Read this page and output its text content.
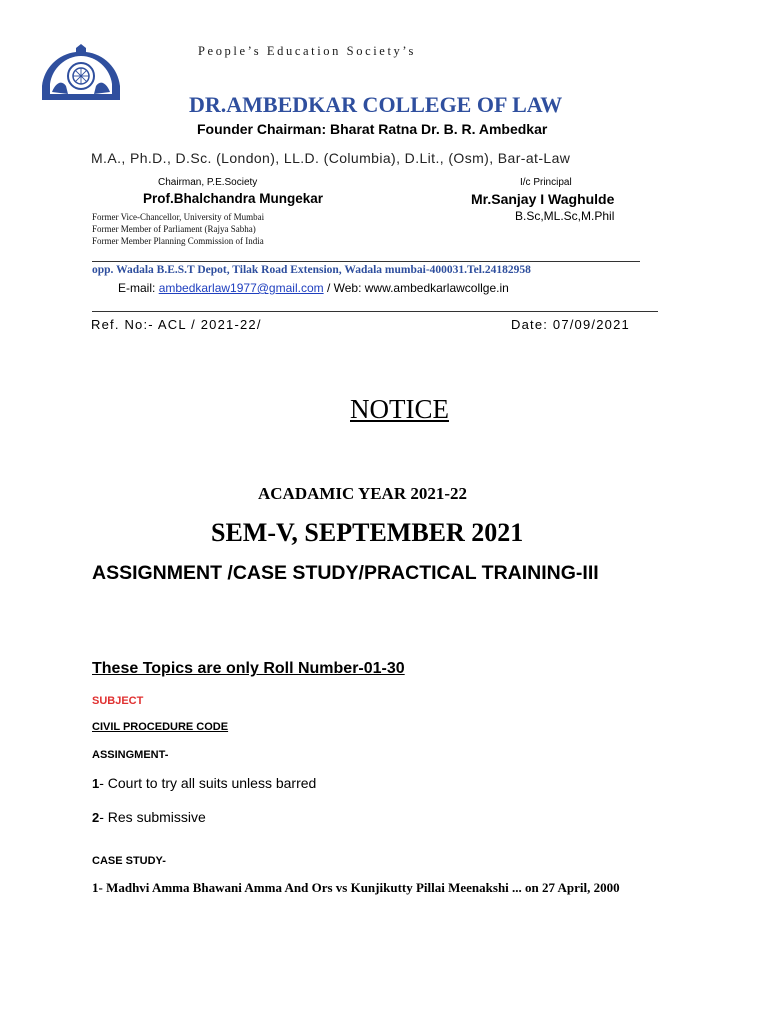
People’s Education Society’s
DR.AMBEDKAR COLLEGE OF LAW
Founder Chairman: Bharat Ratna Dr. B. R. Ambedkar
M.A., Ph.D., D.Sc. (London), LL.D. (Columbia), D.Lit., (Osm), Bar-at-Law
Chairman, P.E.Society
Prof.Bhalchandra Mungekar
I/c Principal
Mr.Sanjay I Waghulde
B.Sc,ML.Sc,M.Phil
Former Vice-Chancellor, University of Mumbai
Former Member of Parliament (Rajya Sabha)
Former Member Planning Commission of India
opp. Wadala B.E.S.T Depot, Tilak Road Extension, Wadala mumbai-400031.Tel.24182958
E-mail: ambedkarlaw1977@gmail.com / Web: www.ambedkarlawcollge.in
Ref. No:- ACL / 2021-22/	Date: 07/09/2021
NOTICE
ACADAMIC YEAR 2021-22
SEM-V, SEPTEMBER 2021
ASSIGNMENT /CASE STUDY/PRACTICAL TRAINING-III
These Topics are only Roll Number-01-30
SUBJECT
CIVIL PROCEDURE CODE
ASSINGMENT-
1- Court to try all suits unless barred
2- Res submissive
CASE STUDY-
1- Madhvi Amma Bhawani Amma And Ors vs Kunjikutty Pillai Meenakshi ... on 27 April, 2000
